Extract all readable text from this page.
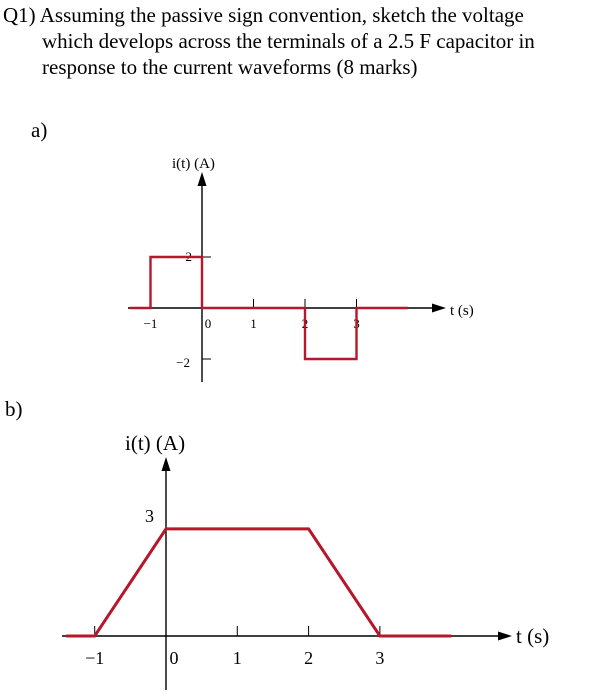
Q1) Assuming the passive sign convention, sketch the voltage
which develops across the terminals of a 2.5 F capacitor in
response to the current waveforms (8 marks)
a)
b)
i(t) (A)
t (s)
−1	0	1	2	3
2
−2
i(t) (A)
t (s)
−1	0	1	2	3
3
